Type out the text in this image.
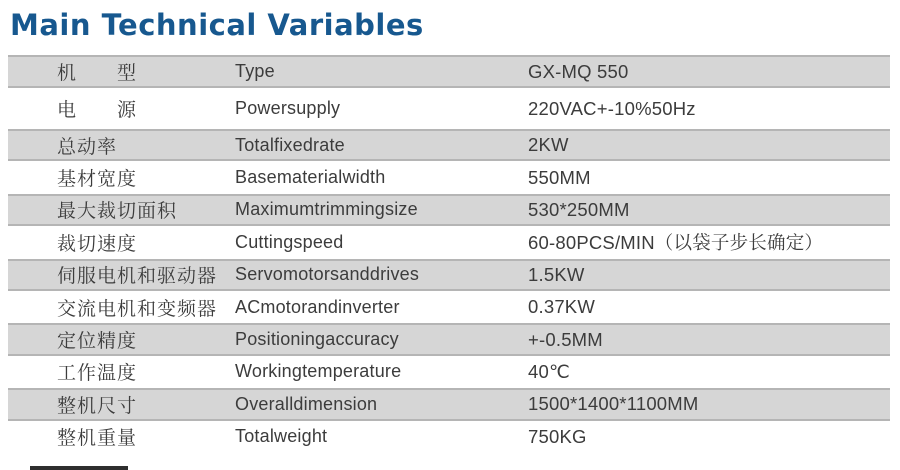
Main Technical Variables
机　　型	Type	GX-MQ 550
电　　源	Powersupply	220VAC+-10%50Hz
总动率	Totalfixedrate	2KW
基材宽度	Basematerialwidth	550MM
最大裁切面积	Maximumtrimmingsize	530*250MM
裁切速度	Cuttingspeed	60-80PCS/MIN（以袋子步长确定）
伺服电机和驱动器 Servomotorsanddrives	1.5KW
交流电机和变频器 ACmotorandinverter	0.37KW
定位精度	Positioningaccuracy	+-0.5MM
工作温度	Workingtemperature	40℃
整机尺寸	Overalldimension	1500*1400*1100MM
整机重量	Totalweight	750KG
